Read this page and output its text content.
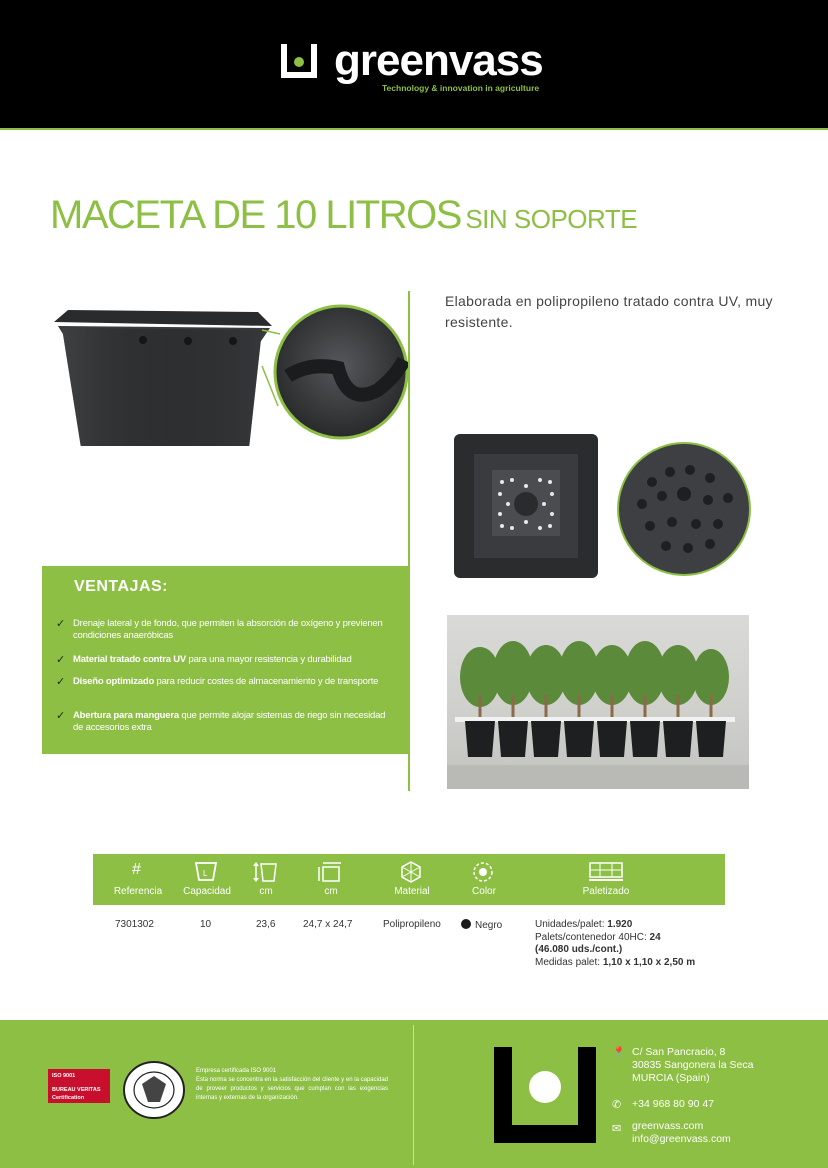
greenvass
Technology & innovation in agriculture
MACETA DE 10 LITROS SIN SOPORTE
Elaborada en polipropileno tratado contra UV, muy resistente.
VENTAJAS:
✓ Drenaje lateral y de fondo, que permiten la absorción de oxígeno y previenen condiciones anaeróbicas
✓ Material tratado contra UV para una mayor resistencia y durabilidad
✓ Diseño optimizado para reducir costes de almacenamiento y de transporte
✓ Abertura para manguera que permite alojar sistemas de riego sin necesidad de accesorios extra
#	L
Referencia	Capacidad	cm	cm	Material	Color	Paletizado
7301302	10	23,6	24,7 x 24,7	Polipropileno	Negro	Unidades/palet: 1.920
Palets/contenedor 40HC: 24
(46.080 uds./cont.)
Medidas palet: 1,10 x 1,10 x 2,50 m
ISO 9001
BUREAU VERITAS
Certification
Empresa certificada ISO 9001
Esta norma se concentra en la satisfacción del cliente y en la capacidad de proveer productos y servicios que cumplan con las exigencias internas y externas de la organización.
📍 C/ San Pancracio, 8
30835 Sangonera la Seca
MURCIA (Spain)
✆ +34 968 80 90 47
✉ greenvass.com
info@greenvass.com
